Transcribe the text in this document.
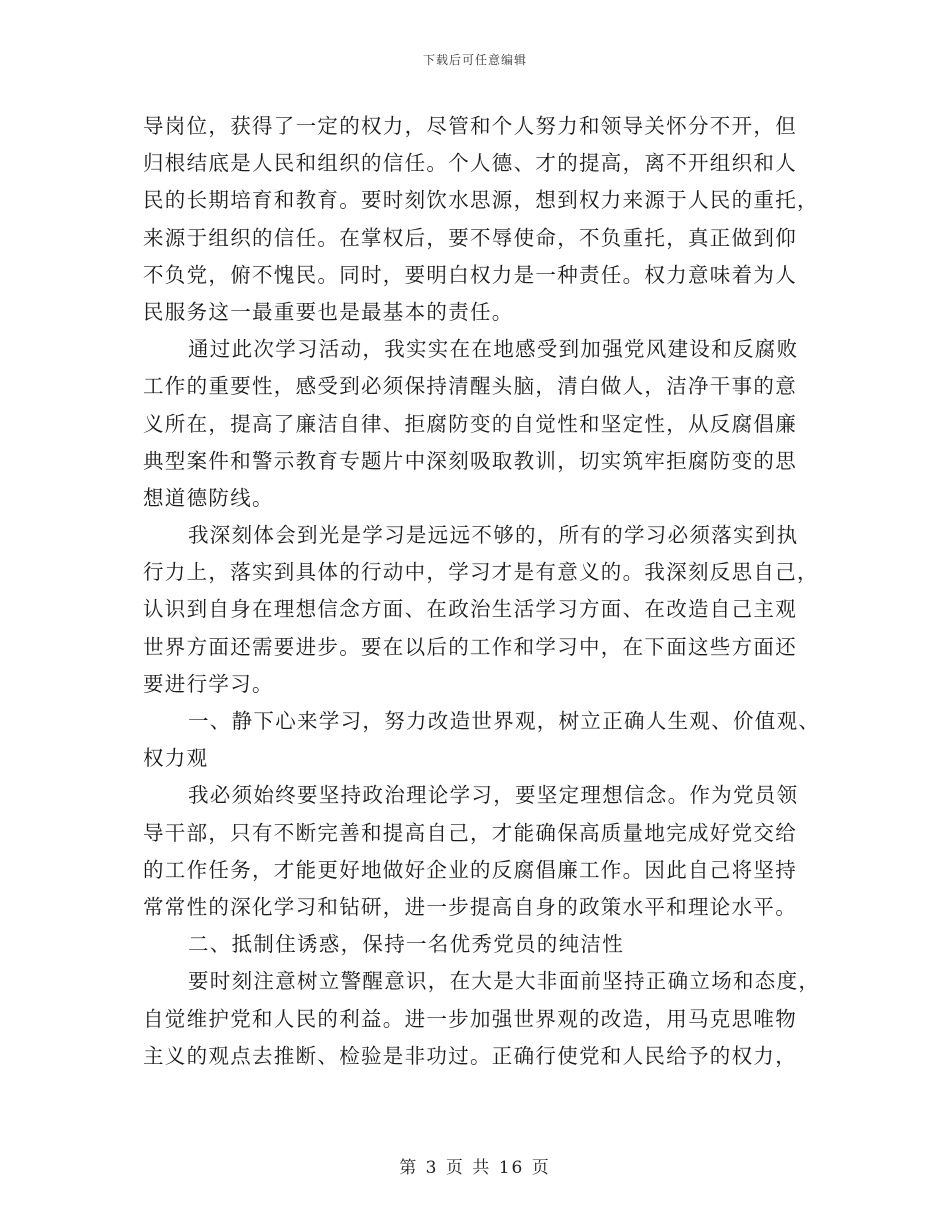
下载后可任意编辑
导岗位，获得了一定的权力，尽管和个人努力和领导关怀分不开，但
归根结底是人民和组织的信任。个人德、才的提高，离不开组织和人
民的长期培育和教育。要时刻饮水思源，想到权力来源于人民的重托，
来源于组织的信任。在掌权后，要不辱使命，不负重托，真正做到仰
不负党，俯不愧民。同时，要明白权力是一种责任。权力意味着为人
民服务这一最重要也是最基本的责任。
通过此次学习活动，我实实在在地感受到加强党风建设和反腐败
工作的重要性，感受到必须保持清醒头脑，清白做人，洁净干事的意
义所在，提高了廉洁自律、拒腐防变的自觉性和坚定性，从反腐倡廉
典型案件和警示教育专题片中深刻吸取教训，切实筑牢拒腐防变的思
想道德防线。
我深刻体会到光是学习是远远不够的，所有的学习必须落实到执
行力上，落实到具体的行动中，学习才是有意义的。我深刻反思自己，
认识到自身在理想信念方面、在政治生活学习方面、在改造自己主观
世界方面还需要进步。要在以后的工作和学习中，在下面这些方面还
要进行学习。
一、静下心来学习，努力改造世界观，树立正确人生观、价值观、
权力观
我必须始终要坚持政治理论学习，要坚定理想信念。作为党员领
导干部，只有不断完善和提高自己，才能确保高质量地完成好党交给
的工作任务，才能更好地做好企业的反腐倡廉工作。因此自己将坚持
常常性的深化学习和钻研，进一步提高自身的政策水平和理论水平。
二、抵制住诱惑，保持一名优秀党员的纯洁性
要时刻注意树立警醒意识，在大是大非面前坚持正确立场和态度，
自觉维护党和人民的利益。进一步加强世界观的改造，用马克思唯物
主义的观点去推断、检验是非功过。正确行使党和人民给予的权力，
第 3 页 共 16 页
